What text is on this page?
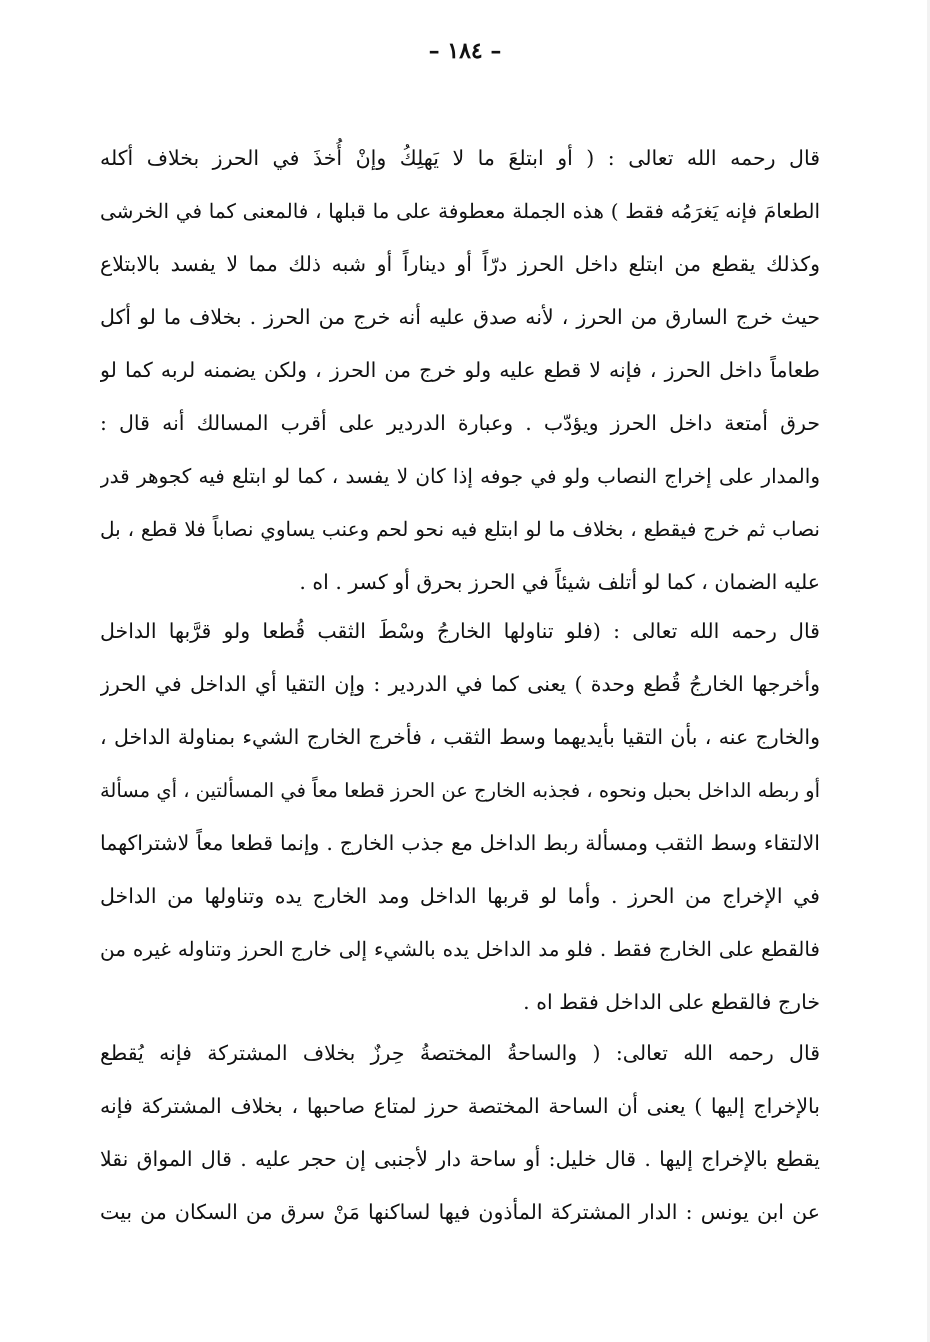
– ١٨٤ –
قال رحمه الله تعالى : ( أو ابتلعَ ما لا يَهلِكُ وإنْ أُخذَ في الحرز بخلاف أكله
الطعامَ فإنه يَغرَمُه فقط ) هذه الجملة معطوفة على ما قبلها ، فالمعنى كما في الخرشى
وكذلك يقطع من ابتلع داخل الحرز درّاً أو ديناراً أو شبه ذلك مما لا يفسد بالابتلاع
حيث خرج السارق من الحرز ، لأنه صدق عليه أنه خرج من الحرز . بخلاف ما لو أكل
طعاماً داخل الحرز ، فإنه لا قطع عليه ولو خرج من الحرز ، ولكن يضمنه لربه كما لو
حرق أمتعة داخل الحرز ويؤدّب . وعبارة الدردير على أقرب المسالك أنه قال :
والمدار على إخراج النصاب ولو في جوفه إذا كان لا يفسد ، كما لو ابتلع فيه كجوهر قدر
نصاب ثم خرج فيقطع ، بخلاف ما لو ابتلع فيه نحو لحم وعنب يساوي نصاباً فلا قطع ، بل
عليه الضمان ، كما لو أتلف شيئاً في الحرز بحرق أو كسر . اه .
قال رحمه الله تعالى : (فلو تناولها الخارجُ وسْطَ الثقب قُطعا ولو قرَّبها الداخل
وأخرجها الخارجُ قُطع وحدة ) يعنى كما في الدردير : وإن التقيا أي الداخل في الحرز
والخارج عنه ، بأن التقيا بأيديهما وسط الثقب ، فأخرج الخارج الشيء بمناولة الداخل ،
أو ربطه الداخل بحبل ونحوه ، فجذبه الخارج عن الحرز قطعا معاً في المسألتين ، أي مسألة
الالتقاء وسط الثقب ومسألة ربط الداخل مع جذب الخارج . وإنما قطعا معاً لاشتراكهما
في الإخراج من الحرز . وأما لو قربها الداخل ومد الخارج يده وتناولها من الداخل
فالقطع على الخارج فقط . فلو مد الداخل يده بالشيء إلى خارج الحرز وتناوله غيره من
خارج فالقطع على الداخل فقط اه .
قال رحمه الله تعالى: ( والساحةُ المختصةُ حِرزٌ بخلاف المشتركة فإنه يُقطع
بالإخراج إليها ) يعنى أن الساحة المختصة حرز لمتاع صاحبها ، بخلاف المشتركة فإنه
يقطع بالإخراج إليها . قال خليل: أو ساحة دار لأجنبى إن حجر عليه . قال المواق نقلا
عن ابن يونس : الدار المشتركة المأذون فيها لساكنها مَنْ سرق من السكان من بيت
